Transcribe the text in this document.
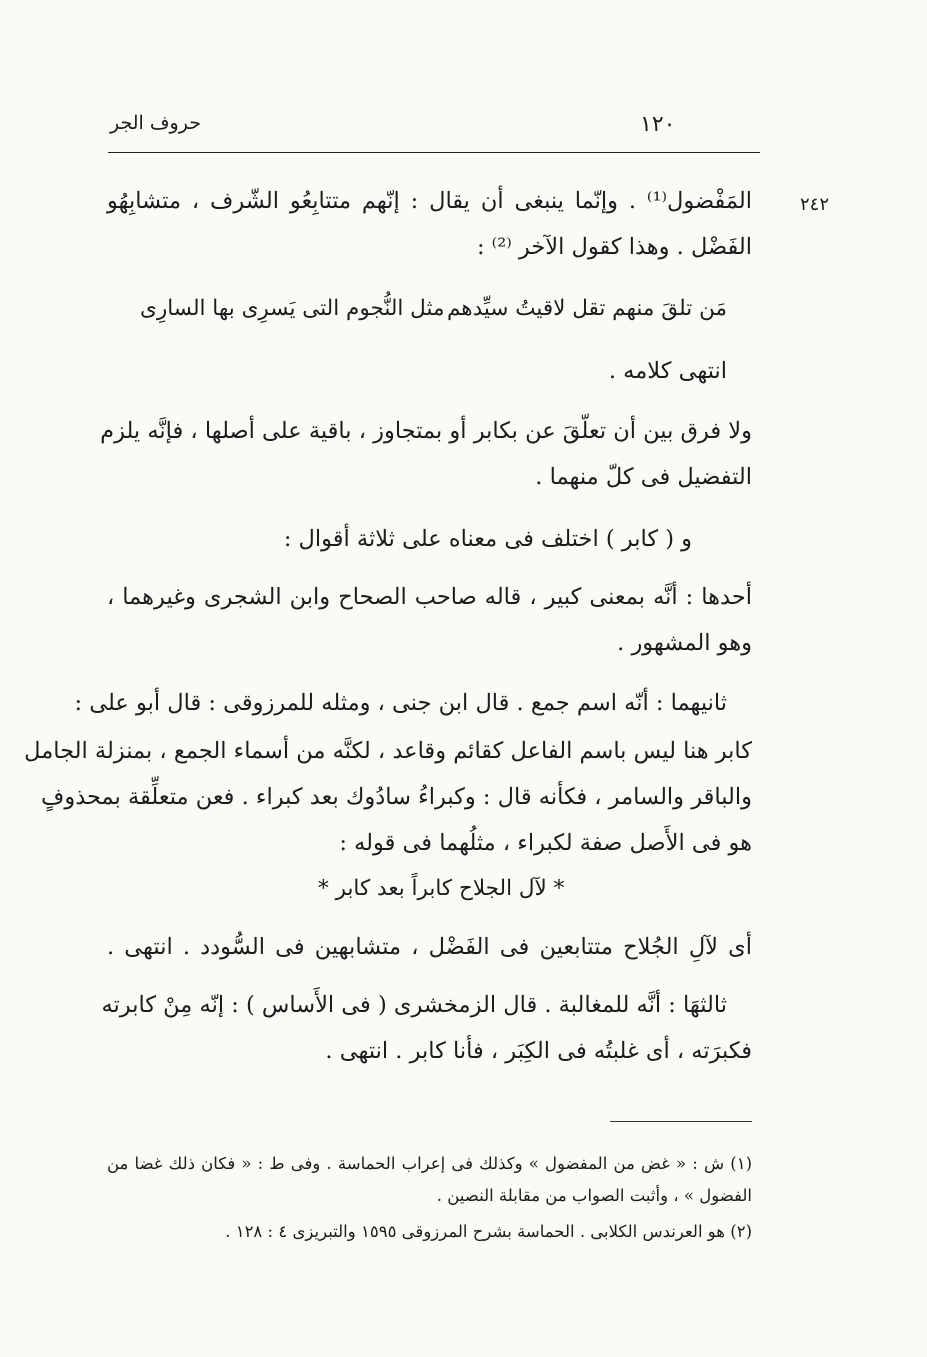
١٢٠
حروف الجر
٢٤٢
المَفْضول⁽¹⁾ . وإنّما ينبغى أن يقال : إنّهم متتابِعُو الشّرف ، متشابِهُو
الفَضْل . وهذا كقول الآخر ⁽²⁾ :
مَن تلقَ منهم تقل لاقيتُ سيِّدهم
مثل النُّجوم التى يَسرِى بها السارِى
انتهى كلامه .
ولا فرق بين أن تعلّقَ عن بكابر أو بمتجاوز ، باقية على أصلها ، فإنَّه يلزم
التفضيل فى كلّ منهما .
و ( كابر ) اختلف فى معناه على ثلاثة أقوال :
أحدها : أنَّه بمعنى كبير ، قاله صاحب الصحاح وابن الشجرى وغيرهما ،
وهو المشهور .
ثانيهما : أنّه اسم جمع . قال ابن جنى ، ومثله للمرزوقى : قال أبو على :
كابر هنا ليس باسم الفاعل كقائم وقاعد ، لكنَّه من أسماء الجمع ، بمنزلة الجامل
والباقر والسامر ، فكأنه قال : وكبراءُ سادُوك بعد كبراء . فعن متعلِّقة بمحذوفٍ
هو فى الأَصل صفة لكبراء ، مثلُهما فى قوله :
* لآل الجلاح كابراً بعد كابر *
أى لآلِ الجُلاح متتابعين فى الفَضْل ، متشابهين فى السُّودد . انتهى .
ثالثهَا : أنَّه للمغالبة . قال الزمخشرى ( فى الأَساس ) : إنّه مِنْ كابرته
فكبرَته ، أى غلبتُه فى الكِبَر ، فأنا كابر . انتهى .
(١) ش : « غض من المفضول » وكذلك فى إعراب الحماسة . وفى ط : « فكان ذلك غضا من
الفضول » ، وأثبت الصواب من مقابلة النصين .
(٢) هو العرندس الكلابى . الحماسة بشرح المرزوقى ١٥٩٥ والتبريزى ٤ : ١٢٨ .
